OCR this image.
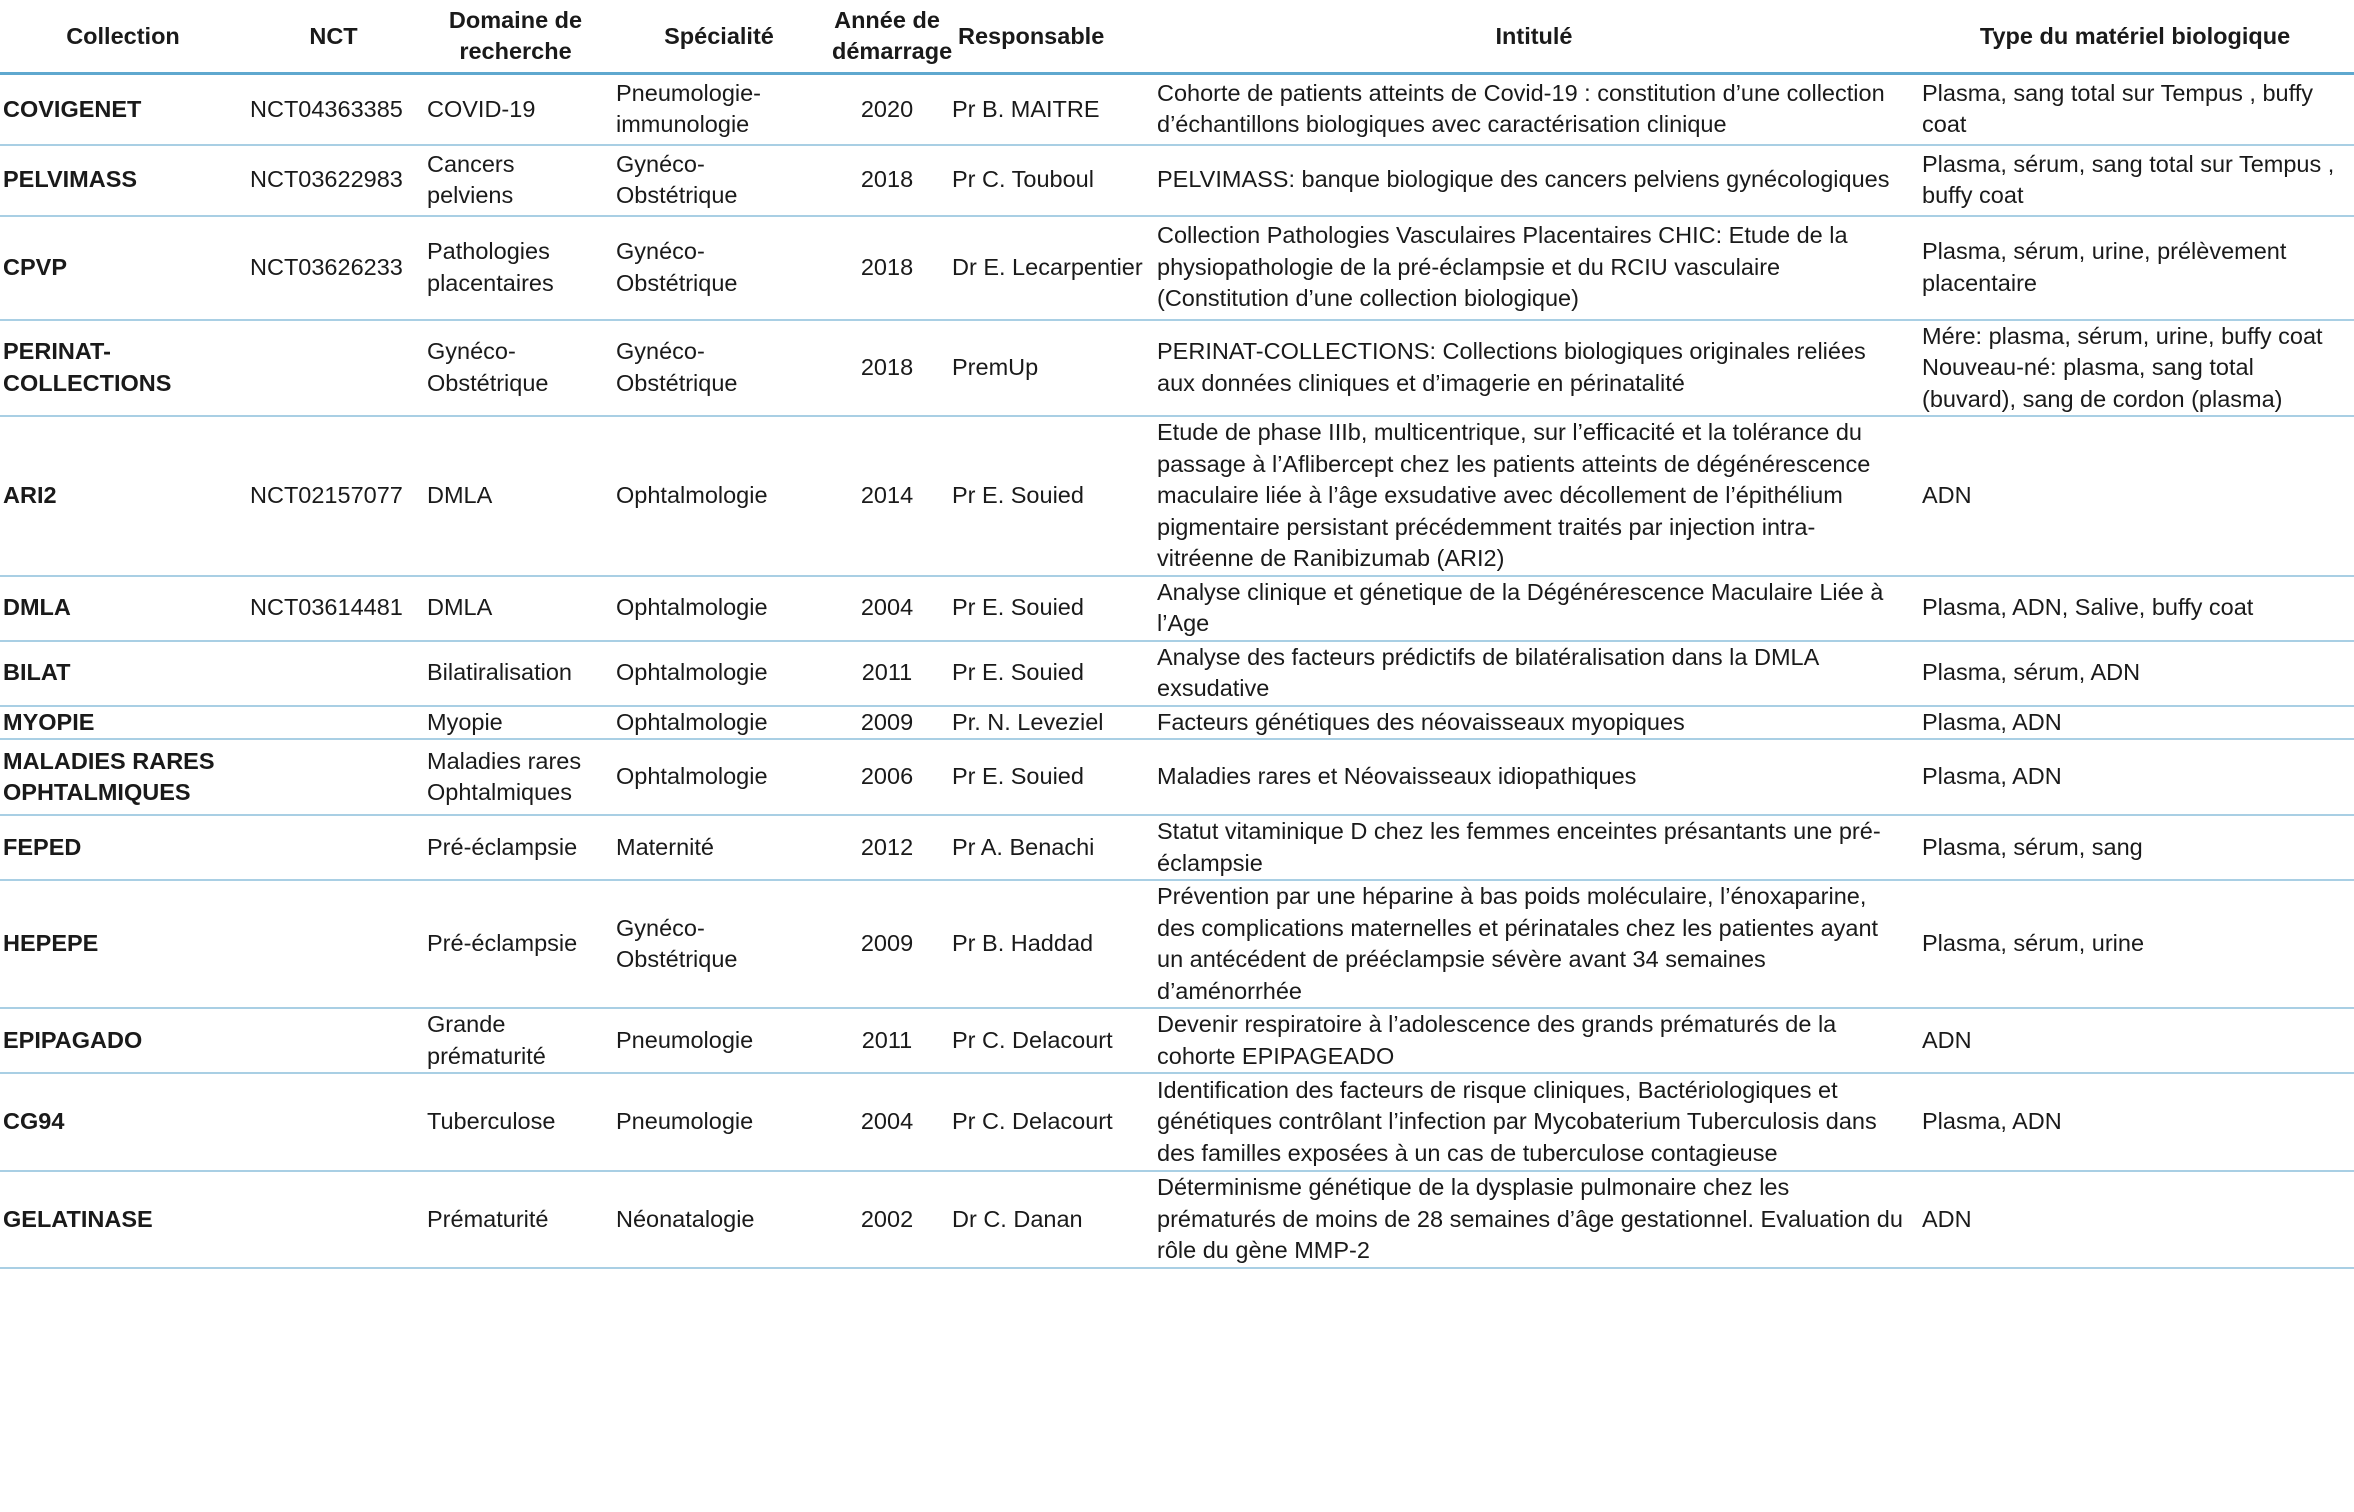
Collection	NCT	Domaine de recherche	Spécialité	Année de démarrage	Responsable	Intitulé	Type du matériel biologique
COVIGENET	NCT04363385	COVID-19	Pneumologie-immunologie	2020	Pr B. MAITRE	Cohorte de patients atteints de Covid-19 : constitution d’une collection d’échantillons biologiques avec caractérisation clinique	Plasma, sang total sur Tempus , buffy coat
PELVIMASS	NCT03622983	Cancers pelviens	Gynéco-Obstétrique	2018	Pr C. Touboul	PELVIMASS: banque biologique des cancers pelviens gynécologiques	Plasma, sérum, sang total sur Tempus , buffy coat
CPVP	NCT03626233	Pathologies placentaires	Gynéco-Obstétrique	2018	Dr E. Lecarpentier	Collection Pathologies Vasculaires Placentaires CHIC: Etude de la physiopathologie de la pré-éclampsie et du RCIU vasculaire (Constitution d’une collection biologique)	Plasma, sérum, urine, prélèvement placentaire
PERINAT-COLLECTIONS		Gynéco-Obstétrique	Gynéco-Obstétrique	2018	PremUp	PERINAT-COLLECTIONS: Collections biologiques originales reliées aux données cliniques et d’imagerie en périnatalité	Mére: plasma, sérum, urine, buffy coat Nouveau-né: plasma, sang total (buvard), sang de cordon (plasma)
ARI2	NCT02157077	DMLA	Ophtalmologie	2014	Pr E. Souied	Etude de phase IIIb, multicentrique, sur l’efficacité et la tolérance du passage à l’Aflibercept chez les patients atteints de dégénérescence maculaire liée à l’âge exsudative avec décollement de l’épithélium pigmentaire persistant précédemment traités par injection intra-vitréenne de Ranibizumab (ARI2)	ADN
DMLA	NCT03614481	DMLA	Ophtalmologie	2004	Pr E. Souied	Analyse clinique et génetique de la Dégénérescence Maculaire Liée à l’Age	Plasma, ADN, Salive, buffy coat
BILAT		Bilatiralisation	Ophtalmologie	2011	Pr E. Souied	Analyse des facteurs prédictifs de bilatéralisation dans la DMLA exsudative	Plasma, sérum, ADN
MYOPIE		Myopie	Ophtalmologie	2009	Pr. N. Leveziel	Facteurs génétiques des néovaisseaux myopiques	Plasma, ADN
MALADIES RARES OPHTALMIQUES		Maladies rares Ophtalmiques	Ophtalmologie	2006	Pr E. Souied	Maladies rares et Néovaisseaux idiopathiques	Plasma, ADN
FEPED		Pré-éclampsie	Maternité	2012	Pr A. Benachi	Statut vitaminique D chez les femmes enceintes présantants une pré-éclampsie	Plasma, sérum, sang
HEPEPE		Pré-éclampsie	Gynéco-Obstétrique	2009	Pr B. Haddad	Prévention par une héparine à bas poids moléculaire, l’énoxaparine, des complications maternelles et périnatales chez les patientes ayant un antécédent de prééclampsie sévère avant 34 semaines d’aménorrhée	Plasma, sérum, urine
EPIPAGADO		Grande prématurité	Pneumologie	2011	Pr C. Delacourt	Devenir respiratoire à l’adolescence des grands prématurés de la cohorte EPIPAGEADO	ADN
CG94		Tuberculose	Pneumologie	2004	Pr C. Delacourt	Identification des facteurs de risque cliniques, Bactériologiques et génétiques contrôlant l’infection par Mycobaterium Tuberculosis dans des familles exposées à un cas de tuberculose contagieuse	Plasma, ADN
GELATINASE		Prématurité	Néonatalogie	2002	Dr C. Danan	Déterminisme génétique de la dysplasie pulmonaire chez les prématurés de moins de 28 semaines d’âge gestationnel. Evaluation du rôle du gène MMP-2	ADN
